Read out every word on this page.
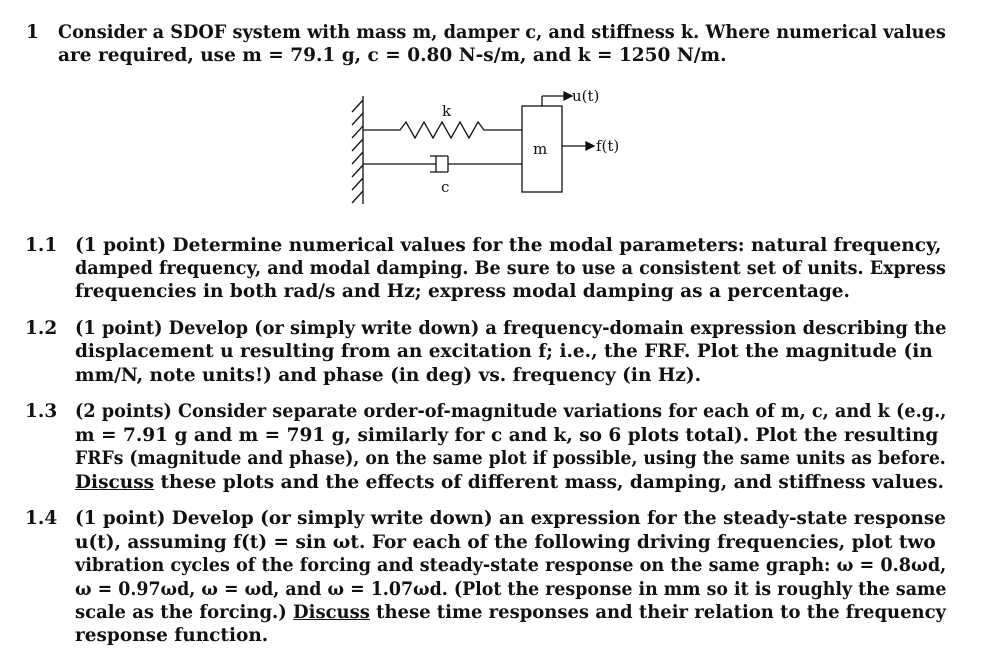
1 Consider a SDOF system with mass m, damper c, and stiffness k. Where numerical values
are required, use m = 79.1 g, c = 0.80 N-s/m, and k = 1250 N/m.
k
c
m
u(t)
f(t)
1.1 (1 point) Determine numerical values for the modal parameters: natural frequency,
damped frequency, and modal damping. Be sure to use a consistent set of units. Express
frequencies in both rad/s and Hz; express modal damping as a percentage.
1.2 (1 point) Develop (or simply write down) a frequency-domain expression describing the
displacement u resulting from an excitation f; i.e., the FRF. Plot the magnitude (in
mm/N, note units!) and phase (in deg) vs. frequency (in Hz).
1.3 (2 points) Consider separate order-of-magnitude variations for each of m, c, and k (e.g.,
m = 7.91 g and m = 791 g, similarly for c and k, so 6 plots total). Plot the resulting
FRFs (magnitude and phase), on the same plot if possible, using the same units as before.
Discuss these plots and the effects of different mass, damping, and stiffness values.
1.4 (1 point) Develop (or simply write down) an expression for the steady-state response
u(t), assuming f(t) = sin ωt. For each of the following driving frequencies, plot two
vibration cycles of the forcing and steady-state response on the same graph: ω = 0.8ωd,
ω = 0.97ωd, ω = ωd, and ω = 1.07ωd. (Plot the response in mm so it is roughly the same
scale as the forcing.) Discuss these time responses and their relation to the frequency
response function.
